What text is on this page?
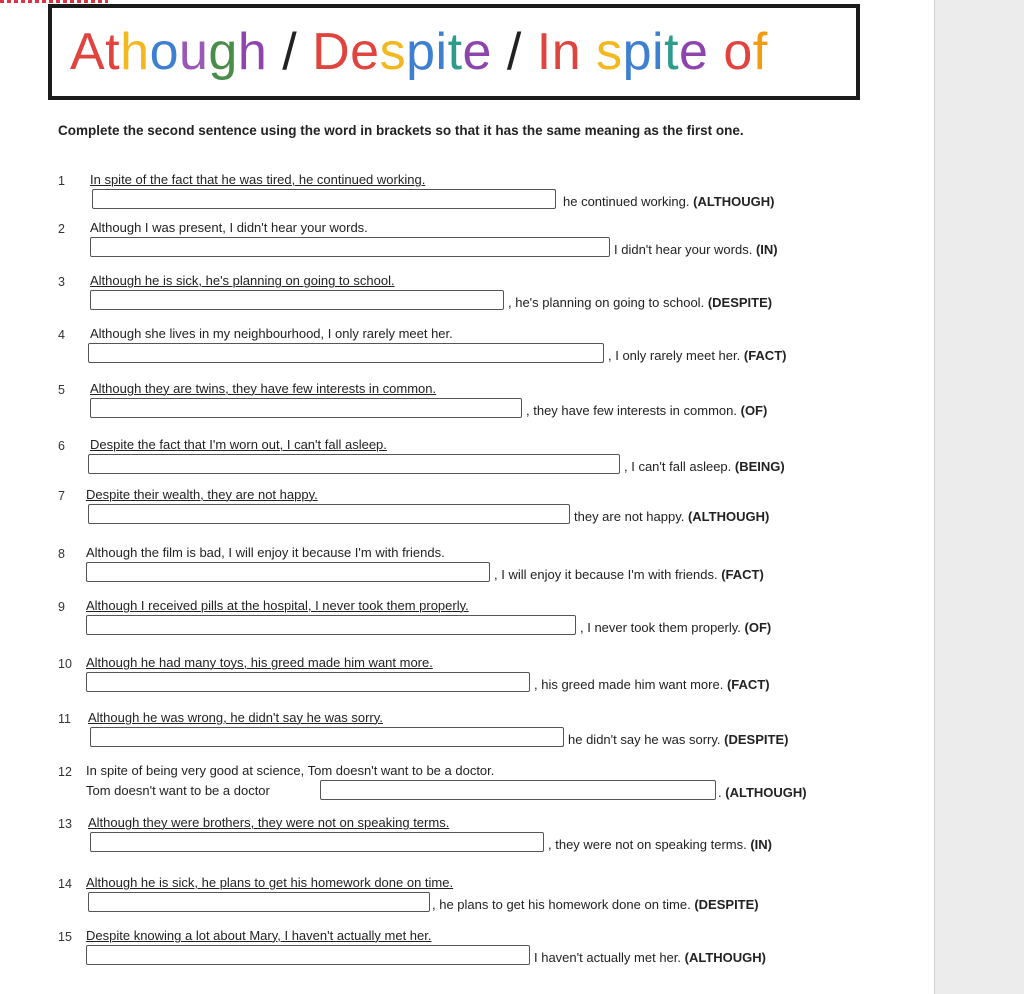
Athough / Despite / In spite of
Complete the second sentence using the word in brackets so that it has the same meaning as the first one.
1 In spite of the fact that he was tired, he continued working.
he continued working. (ALTHOUGH)
2 Although I was present, I didn't hear your words.
I didn't hear your words. (IN)
3 Although he is sick, he's planning on going to school.
, he's planning on going to school. (DESPITE)
4 Although she lives in my neighbourhood, I only rarely meet her.
, I only rarely meet her. (FACT)
5 Although they are twins, they have few interests in common.
, they have few interests in common. (OF)
6 Despite the fact that I'm worn out, I can't fall asleep.
, I can't fall asleep. (BEING)
7 Despite their wealth, they are not happy.
they are not happy. (ALTHOUGH)
8 Although the film is bad, I will enjoy it because I'm with friends.
, I will enjoy it because I'm with friends. (FACT)
9 Although I received pills at the hospital, I never took them properly.
, I never took them properly. (OF)
10 Although he had many toys, his greed made him want more.
, his greed made him want more. (FACT)
11 Although he was wrong, he didn't say he was sorry.
he didn't say he was sorry. (DESPITE)
12 In spite of being very good at science, Tom doesn't want to be a doctor.
Tom doesn't want to be a doctor	. (ALTHOUGH)
13 Although they were brothers, they were not on speaking terms.
, they were not on speaking terms. (IN)
14 Although he is sick, he plans to get his homework done on time.
, he plans to get his homework done on time. (DESPITE)
15 Despite knowing a lot about Mary, I haven't actually met her.
I haven't actually met her. (ALTHOUGH)
